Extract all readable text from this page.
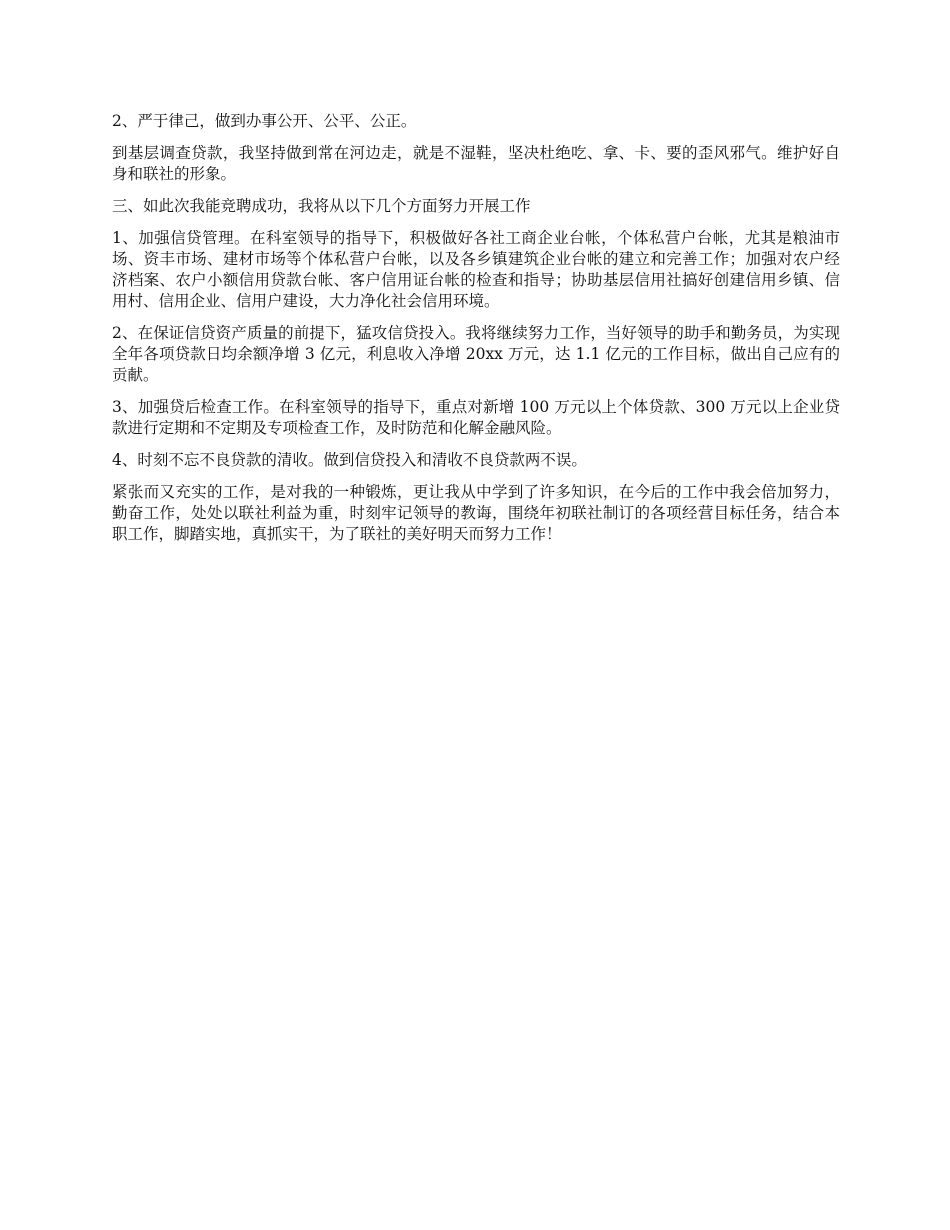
2、严于律己，做到办事公开、公平、公正。

到基层调查贷款，我坚持做到常在河边走，就是不湿鞋，坚决杜绝吃、拿、卡、要的歪风邪气。维护好自身和联社的形象。

三、如此次我能竞聘成功，我将从以下几个方面努力开展工作

1、加强信贷管理。在科室领导的指导下，积极做好各社工商企业台帐，个体私营户台帐，尤其是粮油市场、资丰市场、建材市场等个体私营户台帐，以及各乡镇建筑企业台帐的建立和完善工作；加强对农户经济档案、农户小额信用贷款台帐、客户信用证台帐的检查和指导；协助基层信用社搞好创建信用乡镇、信用村、信用企业、信用户建设，大力净化社会信用环境。

2、在保证信贷资产质量的前提下，猛攻信贷投入。我将继续努力工作，当好领导的助手和勤务员，为实现全年各项贷款日均余额净增 3 亿元，利息收入净增 20xx 万元，达 1.1 亿元的工作目标，做出自己应有的贡献。

3、加强贷后检查工作。在科室领导的指导下，重点对新增 100 万元以上个体贷款、300 万元以上企业贷款进行定期和不定期及专项检查工作，及时防范和化解金融风险。

4、时刻不忘不良贷款的清收。做到信贷投入和清收不良贷款两不误。

紧张而又充实的工作，是对我的一种锻炼，更让我从中学到了许多知识，在今后的工作中我会倍加努力，勤奋工作，处处以联社利益为重，时刻牢记领导的教诲，围绕年初联社制订的各项经营目标任务，结合本职工作，脚踏实地，真抓实干，为了联社的美好明天而努力工作！
